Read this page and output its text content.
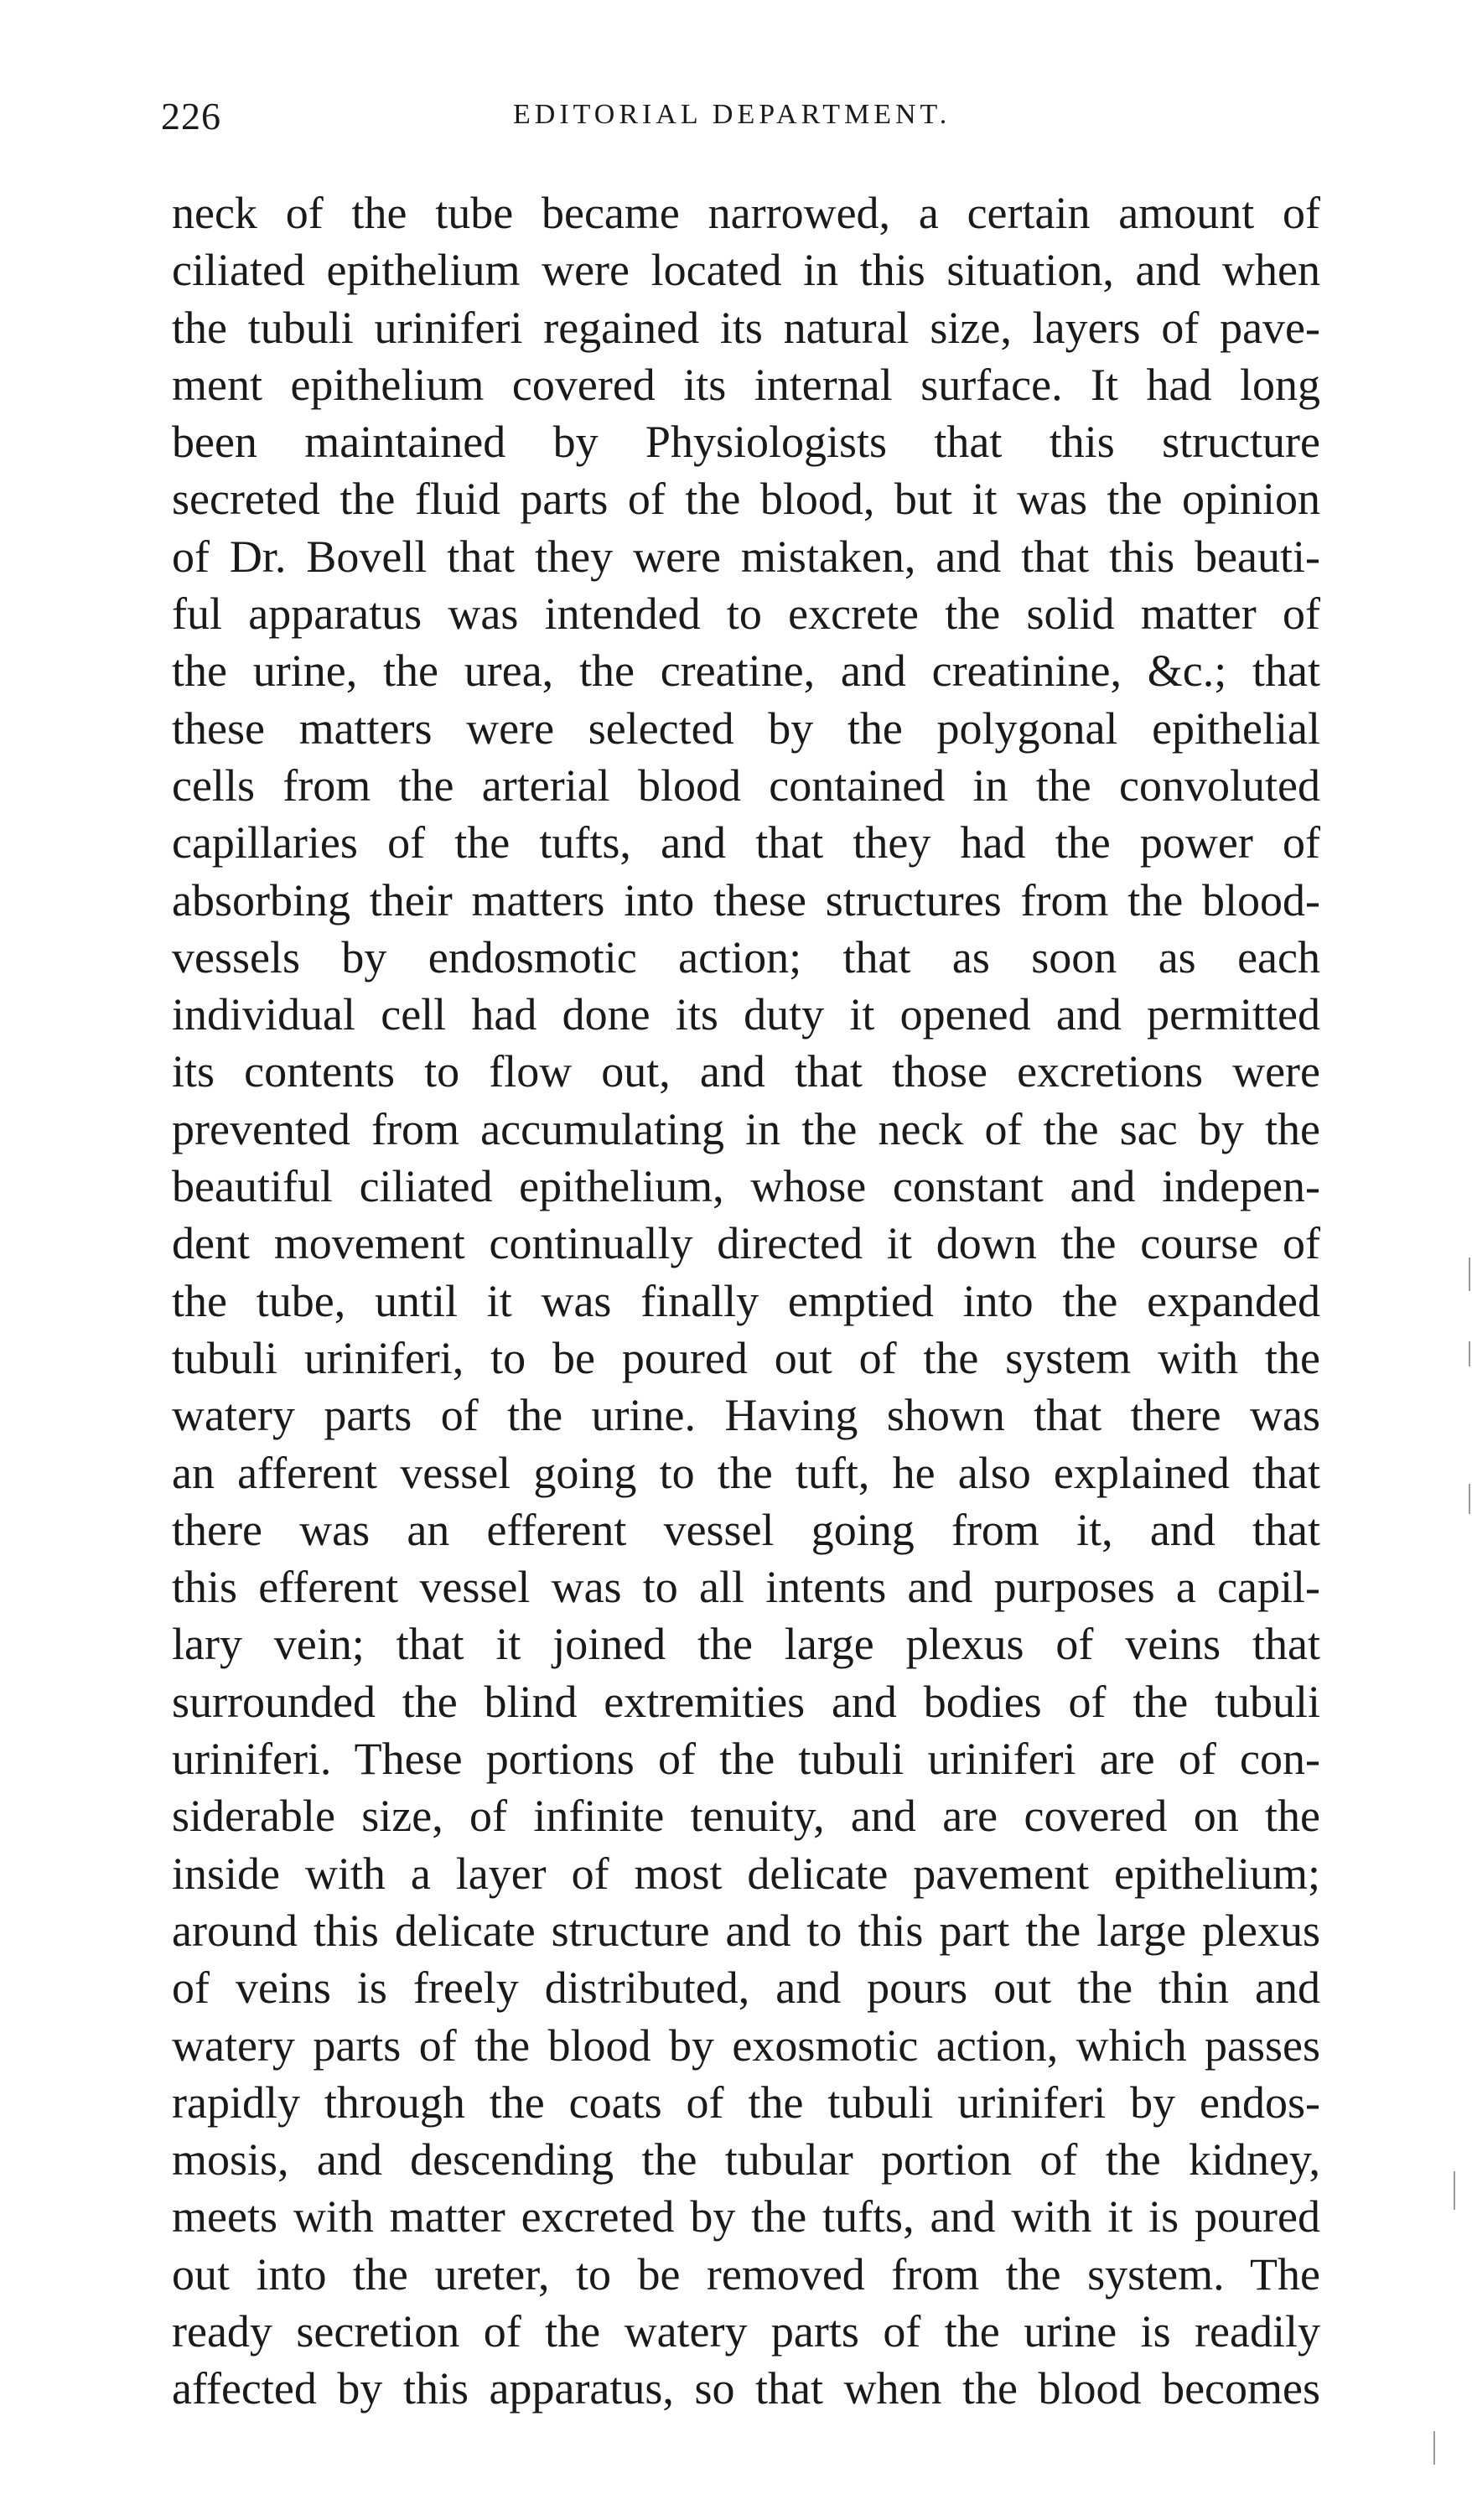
226	EDITORIAL DEPARTMENT.
neck of the tube became narrowed, a certain amount of
ciliated epithelium were located in this situation, and when
the tubuli uriniferi regained its natural size, layers of pave-
ment epithelium covered its internal surface. It had long
been maintained by Physiologists that this structure
secreted the fluid parts of the blood, but it was the opinion
of Dr. Bovell that they were mistaken, and that this beauti-
ful apparatus was intended to excrete the solid matter of
the urine, the urea, the creatine, and creatinine, &c.; that
these matters were selected by the polygonal epithelial
cells from the arterial blood contained in the convoluted
capillaries of the tufts, and that they had the power of
absorbing their matters into these structures from the blood-
vessels by endosmotic action; that as soon as each
individual cell had done its duty it opened and permitted
its contents to flow out, and that those excretions were
prevented from accumulating in the neck of the sac by the
beautiful ciliated epithelium, whose constant and indepen-
dent movement continually directed it down the course of
the tube, until it was finally emptied into the expanded
tubuli uriniferi, to be poured out of the system with the
watery parts of the urine. Having shown that there was
an afferent vessel going to the tuft, he also explained that
there was an efferent vessel going from it, and that
this efferent vessel was to all intents and purposes a capil-
lary vein; that it joined the large plexus of veins that
surrounded the blind extremities and bodies of the tubuli
uriniferi. These portions of the tubuli uriniferi are of con-
siderable size, of infinite tenuity, and are covered on the
inside with a layer of most delicate pavement epithelium;
around this delicate structure and to this part the large plexus
of veins is freely distributed, and pours out the thin and
watery parts of the blood by exosmotic action, which passes
rapidly through the coats of the tubuli uriniferi by endos-
mosis, and descending the tubular portion of the kidney,
meets with matter excreted by the tufts, and with it is poured
out into the ureter, to be removed from the system. The
ready secretion of the watery parts of the urine is readily
affected by this apparatus, so that when the blood becomes
